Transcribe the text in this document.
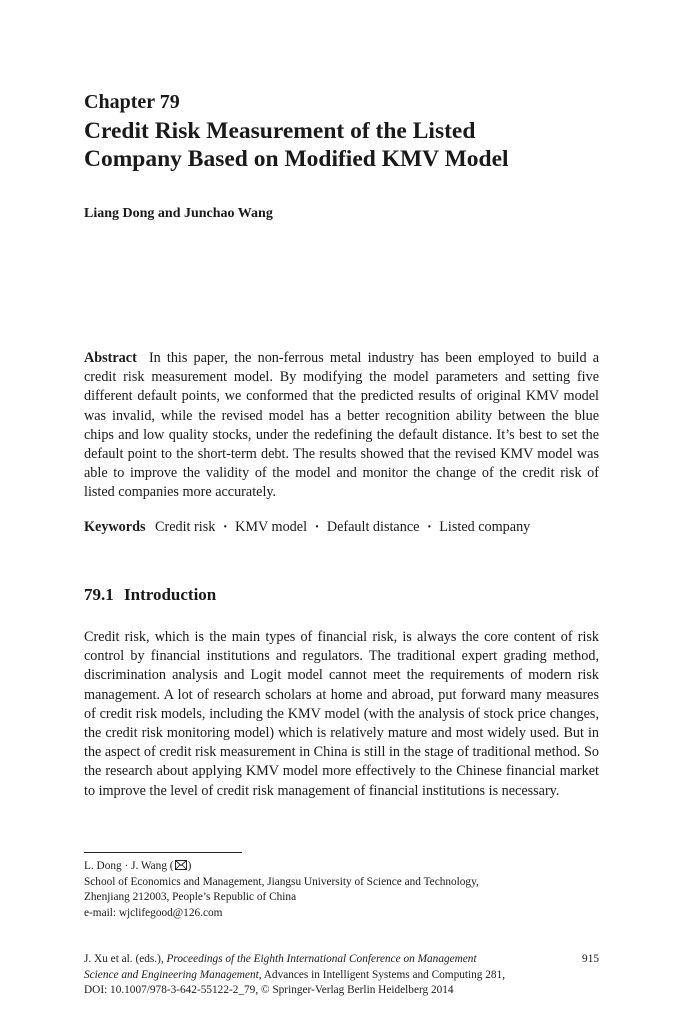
Chapter 79
Credit Risk Measurement of the Listed
Company Based on Modified KMV Model
Liang Dong and Junchao Wang
Abstract In this paper, the non-ferrous metal industry has been employed to build a credit risk measurement model. By modifying the model parameters and setting five different default points, we conformed that the predicted results of original KMV model was invalid, while the revised model has a better recognition ability between the blue chips and low quality stocks, under the redefining the default distance. It’s best to set the default point to the short-term debt. The results showed that the revised KMV model was able to improve the validity of the model and monitor the change of the credit risk of listed companies more accurately.
Keywords Credit risk · KMV model · Default distance · Listed company
79.1 Introduction
Credit risk, which is the main types of financial risk, is always the core content of risk control by financial institutions and regulators. The traditional expert grading method, discrimination analysis and Logit model cannot meet the requirements of modern risk management. A lot of research scholars at home and abroad, put forward many measures of credit risk models, including the KMV model (with the analysis of stock price changes, the credit risk monitoring model) which is relatively mature and most widely used. But in the aspect of credit risk measurement in China is still in the stage of traditional method. So the research about applying KMV model more effectively to the Chinese financial market to improve the level of credit risk management of financial institutions is necessary.
L. Dong · J. Wang ( )
School of Economics and Management, Jiangsu University of Science and Technology,
Zhenjiang 212003, People’s Republic of China
e-mail: wjclifegood@126.com
J. Xu et al. (eds.), Proceedings of the Eighth International Conference on Management
Science and Engineering Management, Advances in Intelligent Systems and Computing 281,
DOI: 10.1007/978-3-642-55122-2_79, © Springer-Verlag Berlin Heidelberg 2014
915
